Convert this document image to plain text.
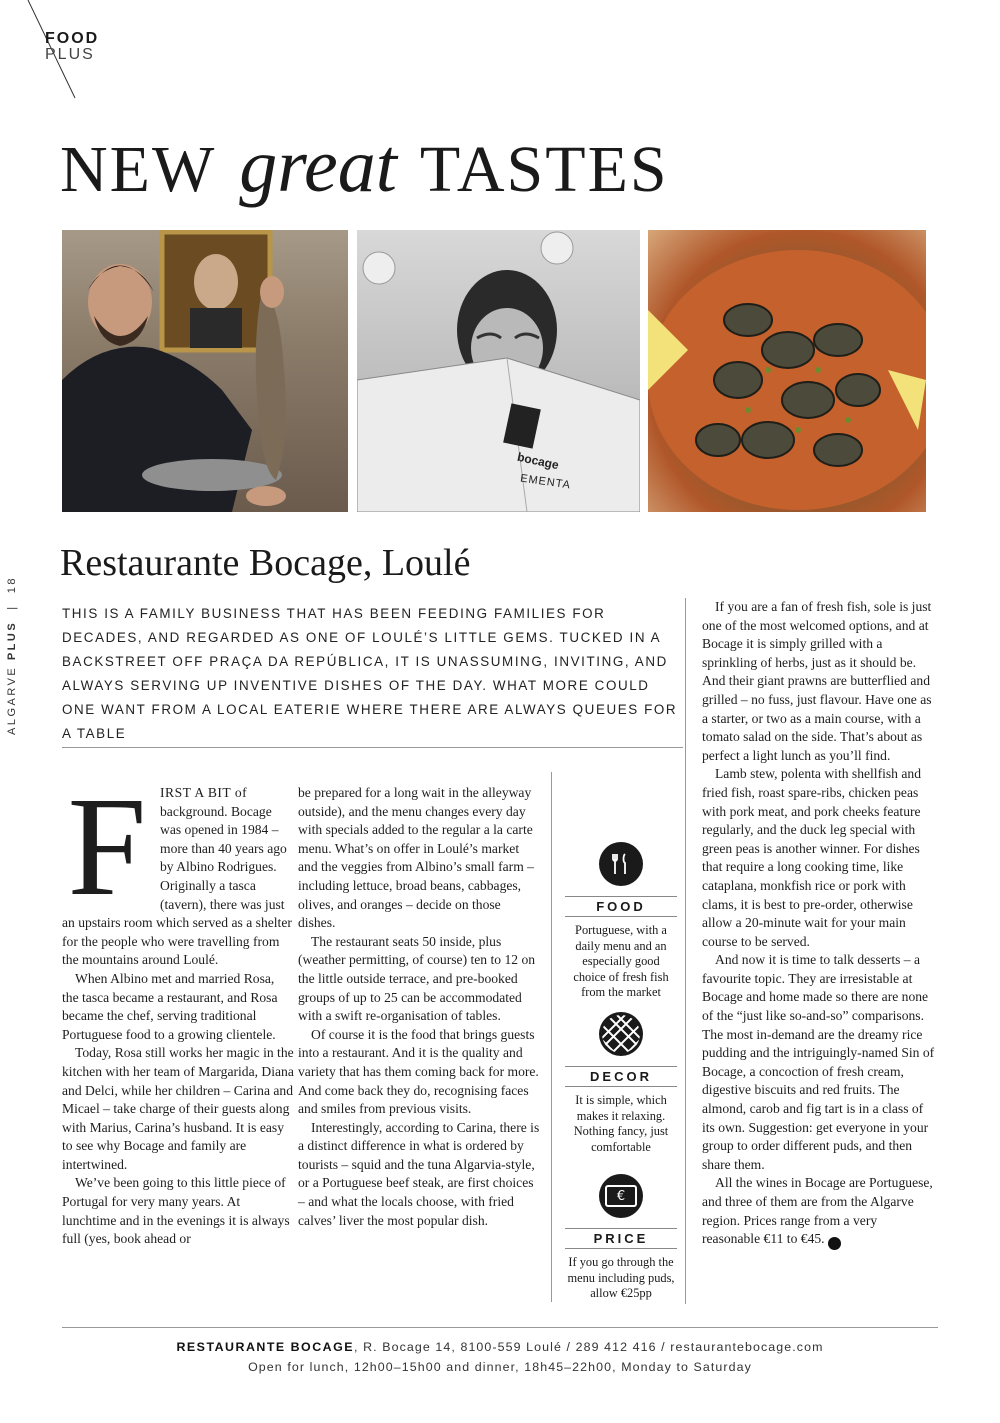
FOOD
PLUS
ALGARVE PLUS  |  18
NEW great TASTES
bocage
EMENTA
Restaurante Bocage, Loulé
THIS IS A FAMILY BUSINESS THAT HAS BEEN FEEDING FAMILIES FOR DECADES, AND REGARDED AS ONE OF LOULÉ’S LITTLE GEMS. TUCKED IN A BACKSTREET OFF PRAÇA DA REPÚBLICA, IT IS UNASSUMING, INVITING, AND ALWAYS SERVING UP INVENTIVE DISHES OF THE DAY. WHAT MORE COULD ONE WANT FROM A LOCAL EATERIE WHERE THERE ARE ALWAYS QUEUES FOR A TABLE
F IRST A BIT of background. Bocage was opened in 1984 – more than 40 years ago by Albino Rodrigues. Originally a tasca (tavern), there was just an upstairs room which served as a shelter for the people who were travelling from the mountains around Loulé.

When Albino met and married Rosa, the tasca became a restaurant, and Rosa became the chef, serving traditional Portuguese food to a growing clientele.

Today, Rosa still works her magic in the kitchen with her team of Margarida, Diana and Delci, while her children – Carina and Micael – take charge of their guests along with Marius, Carina’s husband. It is easy to see why Bocage and family are intertwined.

We’ve been going to this little piece of Portugal for very many years. At lunchtime and in the evenings it is always full (yes, book ahead or

be prepared for a long wait in the alleyway outside), and the menu changes every day with specials added to the regular a la carte menu. What’s on offer in Loulé’s market and the veggies from Albino’s small farm – including lettuce, broad beans, cabbages, olives, and oranges – decide on those dishes.

The restaurant seats 50 inside, plus (weather permitting, of course) ten to 12 on the little outside terrace, and pre-booked groups of up to 25 can be accommodated with a swift re-organisation of tables.

Of course it is the food that brings guests into a restaurant. And it is the quality and variety that has them coming back for more. And come back they do, recognising faces and smiles from previous visits.

Interestingly, according to Carina, there is a distinct difference in what is ordered by tourists – squid and the tuna Algarvia-style, or a Portuguese beef steak, are first choices – and what the locals choose, with fried calves’ liver the most popular dish.

FOOD
Portuguese, with a daily menu and an especially good choice of fresh fish from the market
DECOR
It is simple, which makes it relaxing. Nothing fancy, just comfortable
€
PRICE
If you go through the menu including puds, allow €25pp

If you are a fan of fresh fish, sole is just one of the most welcomed options, and at Bocage it is simply grilled with a sprinkling of herbs, just as it should be. And their giant prawns are butterflied and grilled – no fuss, just flavour. Have one as a starter, or two as a main course, with a tomato salad on the side. That’s about as perfect a light lunch as you’ll find.

Lamb stew, polenta with shellfish and fried fish, roast spare-ribs, chicken peas with pork meat, and pork cheeks feature regularly, and the duck leg special with green peas is another winner. For dishes that require a long cooking time, like cataplana, monkfish rice or pork with clams, it is best to pre-order, otherwise allow a 20-minute wait for your main course to be served.

And now it is time to talk desserts – a favourite topic. They are irresistable at Bocage and home made so there are none of the “just like so-and-so” comparisons. The most in-demand are the dreamy rice pudding and the intriguingly-named Sin of Bocage, a concoction of fresh cream, digestive biscuits and red fruits. The almond, carob and fig tart is in a class of its own. Suggestion: get everyone in your group to order different puds, and then share them.

All the wines in Bocage are Portuguese, and three of them are from the Algarve region. Prices range from a very reasonable €11 to €45.	AP

RESTAURANTE BOCAGE, R. Bocage 14, 8100-559 Loulé / 289 412 416 / restaurantebocage.com
Open for lunch, 12h00–15h00 and dinner, 18h45–22h00, Monday to Saturday
